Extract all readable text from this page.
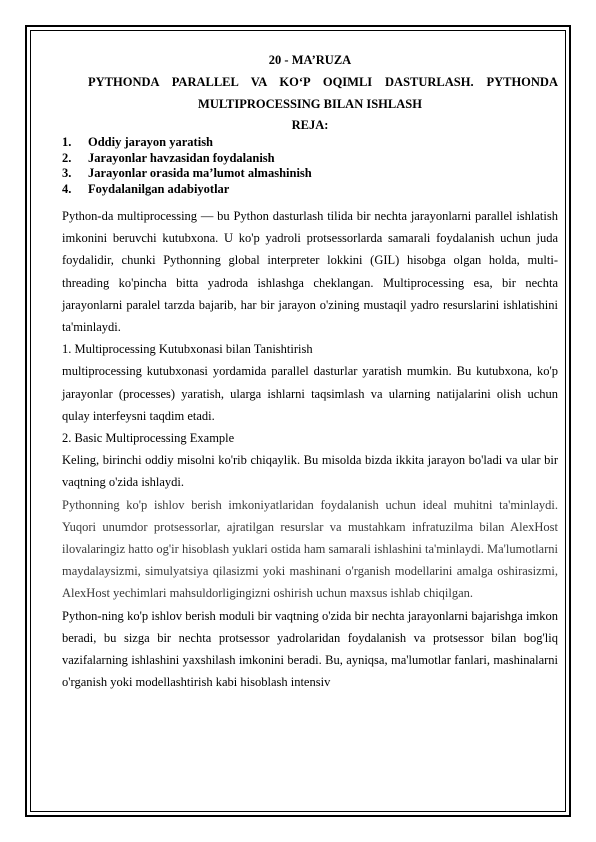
20 - MA’RUZA
PYTHONDA PARALLEL VA KO‘P OQIMLI DASTURLASH. PYTHONDA MULTIPROCESSING BILAN ISHLASH
REJA:
1.	Oddiy jarayon yaratish
2.	Jarayonlar havzasidan foydalanish
3.	Jarayonlar orasida ma’lumot almashinish
4.	Foydalanilgan adabiyotlar

Python-da multiprocessing — bu Python dasturlash tilida bir nechta jarayonlarni parallel ishlatish imkonini beruvchi kutubxona. U ko'p yadroli protsessorlarda samarali foydalanish uchun juda foydalidir, chunki Pythonning global interpreter lokkini (GIL) hisobga olgan holda, multi-threading ko'pincha bitta yadroda ishlashga cheklangan. Multiprocessing esa, bir nechta jarayonlarni paralel tarzda bajarib, har bir jarayon o'zining mustaqil yadro resurslarini ishlatishini ta'minlaydi.

1. Multiprocessing Kutubxonasi bilan Tanishtirish

multiprocessing kutubxonasi yordamida parallel dasturlar yaratish mumkin. Bu kutubxona, ko'p jarayonlar (processes) yaratish, ularga ishlarni taqsimlash va ularning natijalarini olish uchun qulay interfeysni taqdim etadi.

2. Basic Multiprocessing Example

Keling, birinchi oddiy misolni ko'rib chiqaylik. Bu misolda bizda ikkita jarayon bo'ladi va ular bir vaqtning o'zida ishlaydi.

Pythonning ko'p ishlov berish imkoniyatlaridan foydalanish uchun ideal muhitni ta'minlaydi. Yuqori unumdor protsessorlar, ajratilgan resurslar va mustahkam infratuzilma bilan AlexHost ilovalaringiz hatto og'ir hisoblash yuklari ostida ham samarali ishlashini ta'minlaydi. Ma'lumotlarni maydalaysizmi, simulyatsiya qilasizmi yoki mashinani o'rganish modellarini amalga oshirasizmi, AlexHost yechimlari mahsuldorligingizni oshirish uchun maxsus ishlab chiqilgan.

Python-ning ko'p ishlov berish moduli bir vaqtning o'zida bir nechta jarayonlarni bajarishga imkon beradi, bu sizga bir nechta protsessor yadrolaridan foydalanish va protsessor bilan bog'liq vazifalarning ishlashini yaxshilash imkonini beradi. Bu, ayniqsa, ma'lumotlar fanlari, mashinalarni o'rganish yoki modellashtirish kabi hisoblash intensiv
